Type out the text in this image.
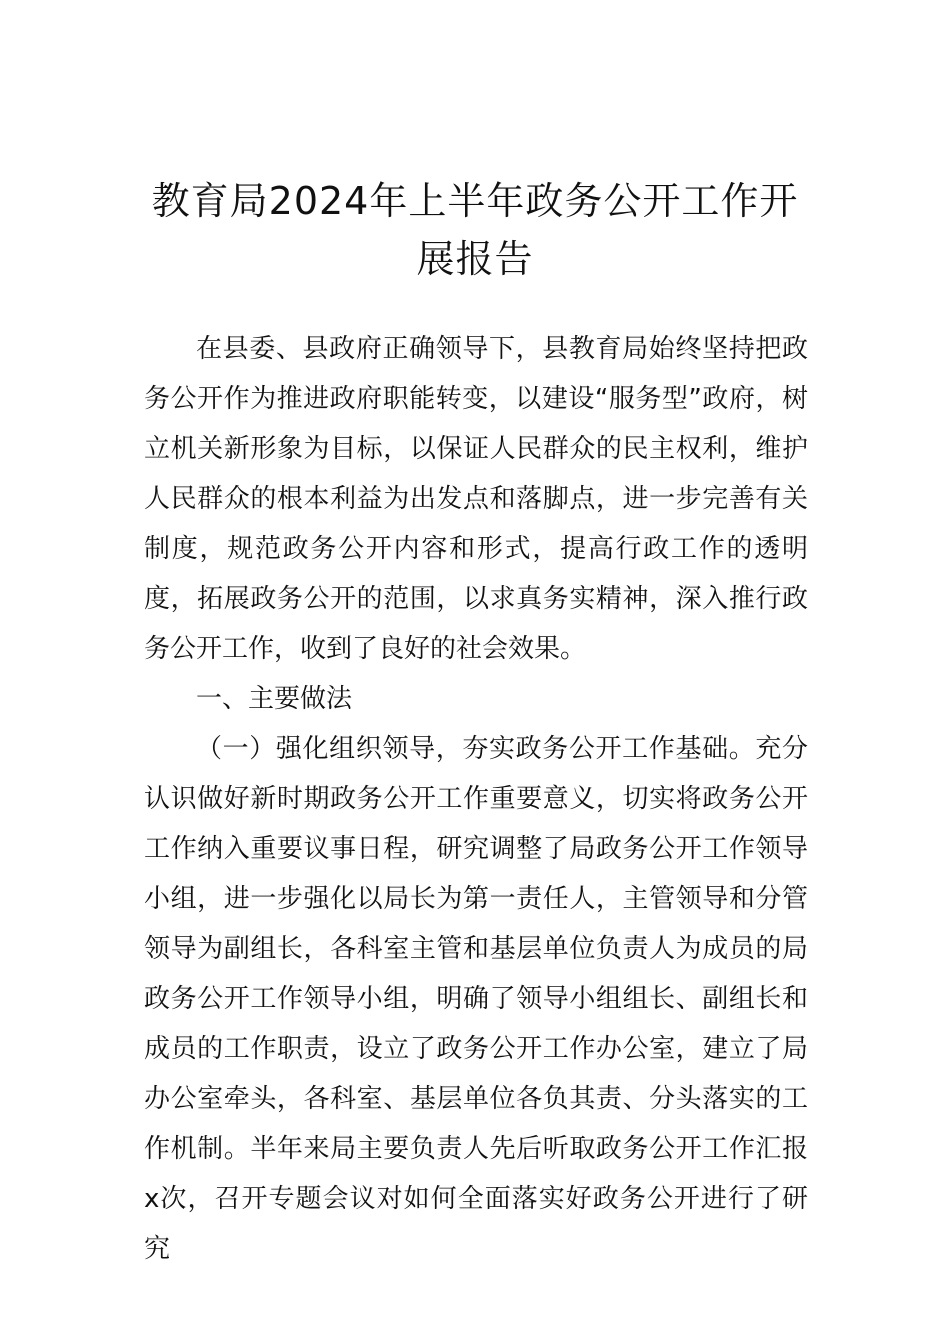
教育局2024年上半年政务公开工作开展报告

在县委、县政府正确领导下，县教育局始终坚持把政务公开作为推进政府职能转变，以建设“服务型”政府，树立机关新形象为目标，以保证人民群众的民主权利，维护人民群众的根本利益为出发点和落脚点，进一步完善有关制度，规范政务公开内容和形式，提高行政工作的透明度，拓展政务公开的范围，以求真务实精神，深入推行政务公开工作，收到了良好的社会效果。

一、主要做法

（一）强化组织领导，夯实政务公开工作基础。充分认识做好新时期政务公开工作重要意义，切实将政务公开工作纳入重要议事日程，研究调整了局政务公开工作领导小组，进一步强化以局长为第一责任人，主管领导和分管领导为副组长，各科室主管和基层单位负责人为成员的局政务公开工作领导小组，明确了领导小组组长、副组长和成员的工作职责，设立了政务公开工作办公室，建立了局办公室牵头，各科室、基层单位各负其责、分头落实的工作机制。半年来局主要负责人先后听取政务公开工作汇报x次，召开专题会议对如何全面落实好政务公开进行了研究
